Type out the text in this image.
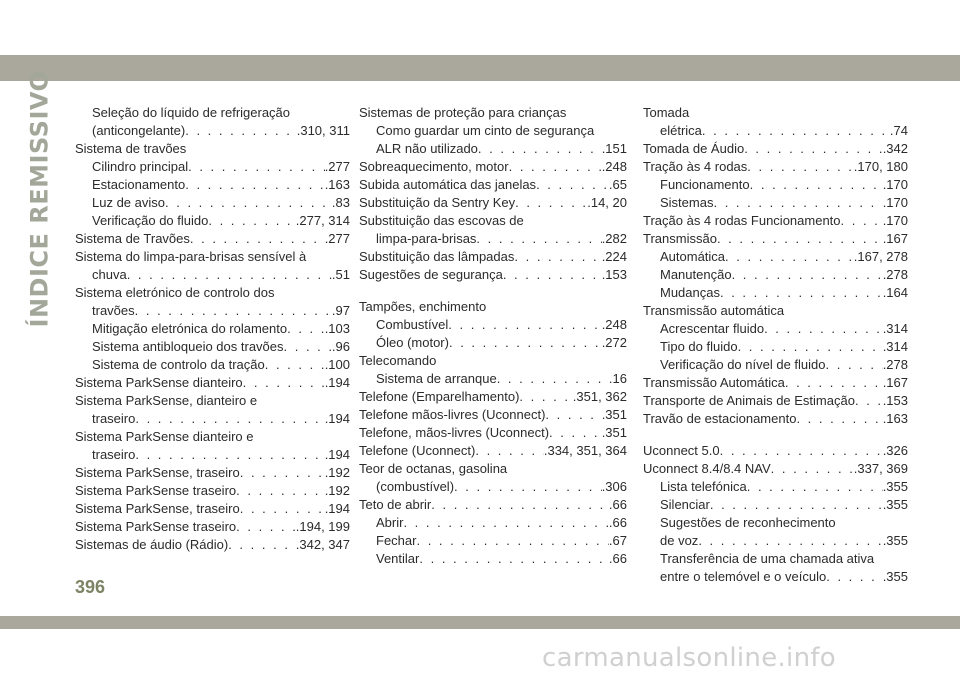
ÍNDICE REMISSIVO	Seleção do líquido de refrigeração
(anticongelante) . . .	.310, 311
Sistema de travões
Cilindro principal . . .	.277
Estacionamento . . .	.163
Luz de aviso . . .	.83
Verificação do fluido . . .	.277, 314
Sistema de Travões . . .	.277
Sistema do limpa-para-brisas sensível à
chuva . . .	.51
Sistema eletrónico de controlo dos
travões . . .	.97
Mitigação eletrónica do rolamento . . .	.103
Sistema antibloqueio dos travões . . .	.96
Sistema de controlo da tração . . .	.100
Sistema ParkSense dianteiro . . .	.194
Sistema ParkSense, dianteiro e
traseiro . . .	.194
Sistema ParkSense dianteiro e
traseiro . . .	.194
Sistema ParkSense, traseiro . . .	.192
Sistema ParkSense traseiro . . .	.192
Sistema ParkSense, traseiro . . .	.194
Sistema ParkSense traseiro . . .	.194, 199
Sistemas de áudio (Rádio) . . .	.342, 347
Sistemas de proteção para crianças
Como guardar um cinto de segurança
ALR não utilizado . . .	.151
Sobreaquecimento, motor . . .	.248
Subida automática das janelas . . .	.65
Substituição da Sentry Key . . .	.14, 20
Substituição das escovas de
limpa-para-brisas . . .	.282
Substituição das lâmpadas . . .	.224
Sugestões de segurança . . .	.153
Tampões, enchimento
Combustível . . .	.248
Óleo (motor) . . .	.272
Telecomando
Sistema de arranque . . .	.16
Telefone (Emparelhamento) . . .	.351, 362
Telefone mãos-livres (Uconnect) . . .	.351
Telefone, mãos-livres (Uconnect) . . .	.351
Telefone (Uconnect) . . .	.334, 351, 364
Teor de octanas, gasolina
(combustível) . . .	.306
Teto de abrir . . .	.66
Abrir . . .	.66
Fechar . . .	.67
Ventilar . . .	.66
Tomada
elétrica . . .	.74
Tomada de Áudio . . .	.342
Tração às 4 rodas . . .	.170, 180
Funcionamento . . .	.170
Sistemas . . .	.170
Tração às 4 rodas Funcionamento . . .	.170
Transmissão . . .	.167
Automática . . .	.167, 278
Manutenção . . .	.278
Mudanças . . .	.164
Transmissão automática
Acrescentar fluido . . .	.314
Tipo do fluido . . .	.314
Verificação do nível de fluido . . .	.278
Transmissão Automática . . .	.167
Transporte de Animais de Estimação . . . .153
Travão de estacionamento . . .	.163
Uconnect 5.0 . . .	.326
Uconnect 8.4/8.4 NAV . . .	.337, 369
Lista telefónica . . .	.355
Silenciar . . .	.355
Sugestões de reconhecimento
de voz . . .	.355
Transferência de uma chamada ativa
entre o telemóvel e o veículo . . .	.355
396
carmanualsonline.info
